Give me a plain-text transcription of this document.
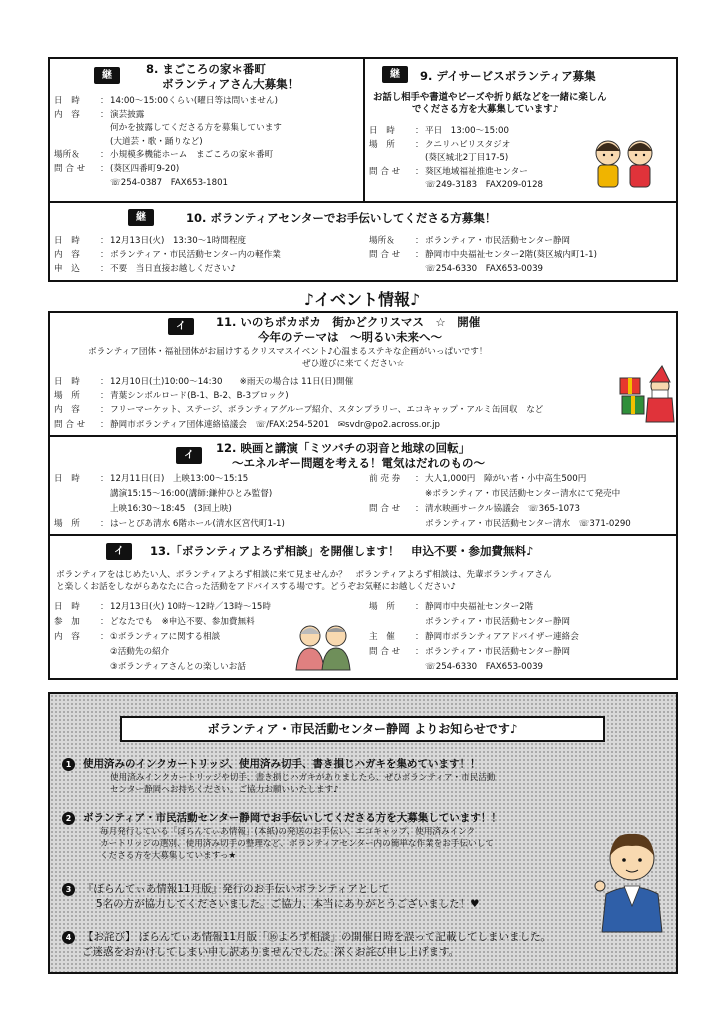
継	8. まごころの家＊番町
ボランティアさん大募集！
日　時 ：14:00～15:00くらい(曜日等は問いません)
内　容 ：演芸披露
何かを披露してくださる方を募集しています
(大道芸・歌・踊りなど)
場所＆ ：小規模多機能ホーム　まごころの家＊番町
問 合 せ ：(葵区四番町9-20)
☏254-0387　FAX653-1801
継	9. デイサービスボランティア募集
お話し相手や書道やビーズや折り紙などを一緒に楽しん
でくださる方を大募集しています♪
日　時 ：平日　13:00～15:00
場　所 ：クニリハビリスタジオ
(葵区城北2丁目17-5)
問 合 せ ：葵区地域福祉推進センター
☏249-3183　FAX209-0128
継	10. ボランティアセンターでお手伝いしてくださる方募集！
日　時 ：12月13日(火)　13:30～1時間程度
内　容 ：ボランティア・市民活動センター内の軽作業
申　込 ：不要　当日直接お越しください♪
場所＆ ：ボランティア・市民活動センター静岡
問 合 せ ：静岡市中央福祉センター2階(葵区城内町1-1)
☏254-6330　FAX653-0039
♪イベント情報♪
イ	11. いのちポカポカ　街かどクリスマス　☆　開催
今年のテーマは　～明るい未来へ～
ボランティア団体・福祉団体がお届けするクリスマスイベント♪心温まるステキな企画がいっぱいです！
ぜひ遊びに来てください☆
日　時 ：12月10日(土)10:00～14:30　　※雨天の場合は 11日(日)開催
場　所 ：青葉シンボルロード(B-1、B-2、B-3ブロック)
内　容 ：フリーマーケット、ステージ、ボランティアグループ紹介、スタンプラリー、エコキャップ・アルミ缶回収　など
問 合 せ ：静岡市ボランティア団体連絡協議会　☏/FAX:254-5201　✉svdr@po2.across.or.jp
イ
12. 映画と講演「ミツバチの羽音と地球の回転」
～エネルギー問題を考える！電気はだれのもの～
日　時 ：12月11日(日)　上映13:00～15:15
講演15:15～16:00(講師:鎌仲ひとみ監督)
上映16:30～18:45　(3回上映)
場　所 ：はーとぴあ清水 6階ホール(清水区宮代町1-1)
前 売 券 ：大人1,000円　障がい者・小中高生500円
※ボランティア・市民活動センター清水にて発売中
問 合 せ ：清水映画サークル協議会　☏365-1073
ボランティア・市民活動センター清水　☏371-0290
イ	13.「ボランティアよろず相談」を開催します！　申込不要・参加費無料♪
ボランティアをはじめたい人、ボランティアよろず相談に来て見ませんか？　ボランティアよろず相談は、先輩ボランティアさん
と楽しくお話をしながらあなたに合った活動をアドバイスする場です。どうぞお気軽にお越しください♪
日　時 ：12月13日(火) 10時～12時／13時～15時
参　加 ：どなたでも　※申込不要、参加費無料
内　容 ：①ボランティアに関する相談
②活動先の紹介
③ボランティアさんとの楽しいお話
場　所 ：静岡市中央福祉センター2階
ボランティア・市民活動センター静岡
主　催 ：静岡市ボランティアアドバイザー連絡会
問 合 せ ：ボランティア・市民活動センター静岡
☏254-6330　FAX653-0039
ボランティア・市民活動センター静岡 よりお知らせです♪
1 使用済みのインクカートリッジ、使用済み切手、書き損じハガキを集めています！！
使用済みインクカートリッジや切手、書き損じハガキがありましたら、ぜひボランティア・市民活動
センター静岡へお持ちください。ご協力お願いいたします♪
2 ボランティア・市民活動センター静岡でお手伝いしてくださる方を大募集しています！！
毎月発行している「ぼらんてぃあ情報」(本紙)の発送のお手伝い、エコキャップ、使用済みインク
カートリッジの選別、使用済み切手の整理など、ボランティアセンター内の簡単な作業をお手伝いして
くださる方を大募集していますっ★
3 『ぼらんてぃあ情報11月版』発行のお手伝いボランティアとして
5名の方が協力してくださいました。ご協力、本当にありがとうございました！♥
4 【お詫び】 ぼらんてぃあ情報11月版「⑯よろず相談」の開催日時を誤って記載してしまいました。
ご迷惑をおかけしてしまい申し訳ありませんでした。深くお詫び申し上げます。
